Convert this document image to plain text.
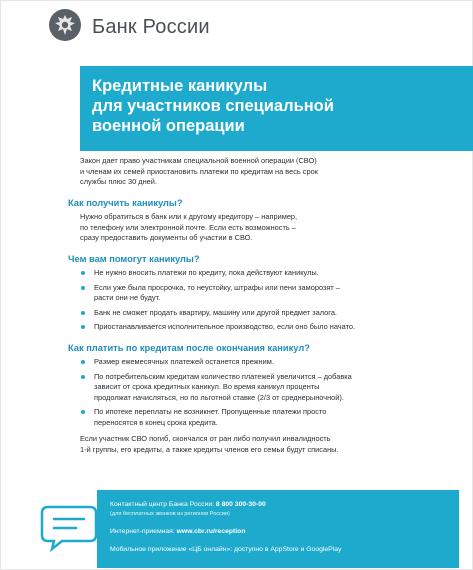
Банк России
Кредитные каникулы
для участников специальной
военной операции

Закон дает право участникам специальной военной операции (СВО)
и членам их семей приостановить платежи по кредитам на весь срок
службы плюс 30 дней.

Как получить каникулы?

Нужно обратиться в банк или к другому кредитору – например,
по телефону или электронной почте. Если есть возможность –
сразу предоставить документы об участии в СВО.

Чем вам помогут каникулы?
Не нужно вносить платежи по кредиту, пока действуют каникулы.
Если уже была просрочка, то неустойку, штрафы или пени заморозят –
расти они не будут.
Банк не сможет продать квартиру, машину или другой предмет залога.
Приостанавливается исполнительное производство, если оно было начато.
Как платить по кредитам после окончания каникул?
Размер ежемесячных платежей останется прежним.
По потребительским кредитам количество платежей увеличится – добавка
зависит от срока кредитных каникул. Во время каникул проценты
продолжат начисляться, но по льготной ставке (2/3 от среднерыночной).
По ипотеке переплаты не возникнет. Пропущенные платежи просто
переносятся в конец срока кредита.

Если участник СВО погиб, скончался от ран либо получил инвалидность
1-й группы, его кредиты, а также кредиты членов его семьи будут списаны.

Контактный центр Банка России: 8 800 300-30-00
(для бесплатных звонков из регионов России)
Интернет-приемная: www.cbr.ru/reception
Мобильное приложение «ЦБ онлайн»: доступно в AppStore и GooglePlay
